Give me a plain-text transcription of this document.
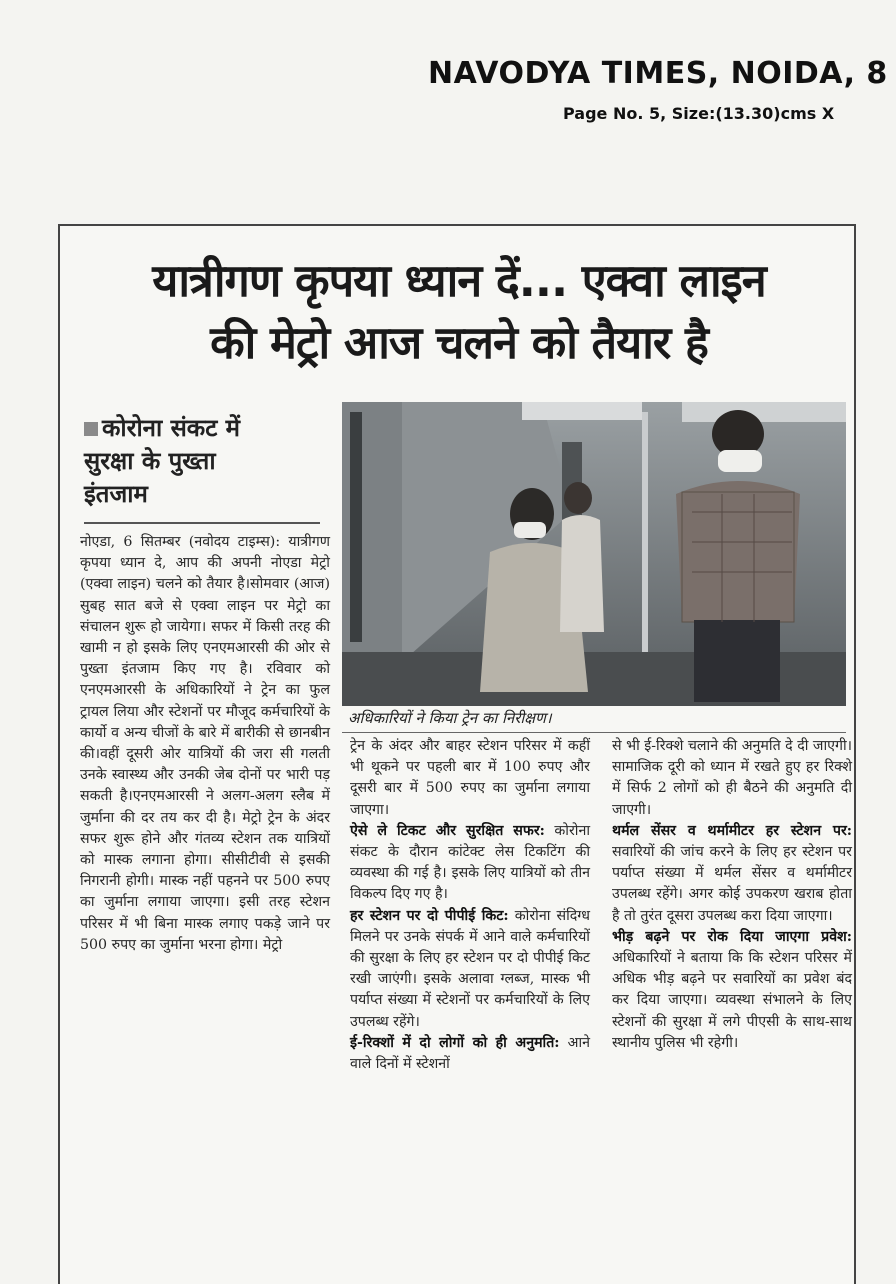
NAVODYA TIMES, NOIDA, 8
Page No. 5, Size:(13.30)cms X
यात्रीगण कृपया ध्यान दें... एक्वा लाइन
की मेट्रो आज चलने को तैयार है
कोरोना संकट में
सुरक्षा के पुख्ता
इंतजाम
अधिकारियों ने किया ट्रेन का निरीक्षण।

नोएडा, 6 सितम्बर (नवोदय टाइम्स): यात्रीगण कृपया ध्यान दे, आप की अपनी नोएडा मेट्रो (एक्वा लाइन) चलने को तैयार है।सोमवार (आज) सुबह सात बजे से एक्वा लाइन पर मेट्रो का संचालन शुरू हो जायेगा। सफर में किसी तरह की खामी न हो इसके लिए एनएमआरसी की ओर से पुख्ता इंतजाम किए गए है। रविवार को एनएमआरसी के अधिकारियों ने ट्रेन का फुल ट्रायल लिया और स्टेशनों पर मौजूद कर्मचारियों के कार्यो व अन्य चीजों के बारे में बारीकी से छानबीन की।वहीं दूसरी ओर यात्रियों की जरा सी गलती उनके स्वास्थ्य और उनकी जेब दोनों पर भारी पड़ सकती है।एनएमआरसी ने अलग-अलग स्लैब में जुर्माना की दर तय कर दी है। मेट्रो ट्रेन के अंदर सफर शुरू होने और गंतव्य स्टेशन तक यात्रियों को मास्क लगाना होगा। सीसीटीवी से इसकी निगरानी होगी। मास्क नहीं पहनने पर 500 रुपए का जुर्माना लगाया जाएगा। इसी तरह स्टेशन परिसर में भी बिना मास्क लगाए पकड़े जाने पर 500 रुपए का जुर्माना भरना होगा। मेट्रो

ट्रेन के अंदर और बाहर स्टेशन परिसर में कहीं भी थूकने पर पहली बार में 100 रुपए और दूसरी बार में 500 रुपए का जुर्माना लगाया जाएगा।

ऐसे ले टिकट और सुरक्षित सफर: कोरोना संकट के दौरान कांटेक्ट लेस टिकटिंग की व्यवस्था की गई है। इसके लिए यात्रियों को तीन विकल्प दिए गए है।

हर स्टेशन पर दो पीपीई किट: कोरोना संदिग्ध मिलने पर उनके संपर्क में आने वाले कर्मचारियों की सुरक्षा के लिए हर स्टेशन पर दो पीपीई किट रखी जाएंगी। इसके अलावा ग्लब्ज, मास्क भी पर्याप्त संख्या में स्टेशनों पर कर्मचारियों के लिए उपलब्ध रहेंगे।

ई-रिक्शों में दो लोगों को ही अनुमति: आने वाले दिनों में स्टेशनों

से भी ई-रिक्शे चलाने की अनुमति दे दी जाएगी। सामाजिक दूरी को ध्यान में रखते हुए हर रिक्शे में सिर्फ 2 लोगों को ही बैठने की अनुमति दी जाएगी।

थर्मल सेंसर व थर्मामीटर हर स्टेशन पर: सवारियों की जांच करने के लिए हर स्टेशन पर पर्याप्त संख्या में थर्मल सेंसर व थर्मामीटर उपलब्ध रहेंगे। अगर कोई उपकरण खराब होता है तो तुरंत दूसरा उपलब्ध करा दिया जाएगा।

भीड़ बढ़ने पर रोक दिया जाएगा प्रवेश: अधिकारियों ने बताया कि कि स्टेशन परिसर में अधिक भीड़ बढ़ने पर सवारियों का प्रवेश बंद कर दिया जाएगा। व्यवस्था संभालने के लिए स्टेशनों की सुरक्षा में लगे पीएसी के साथ-साथ स्थानीय पुलिस भी रहेगी।
